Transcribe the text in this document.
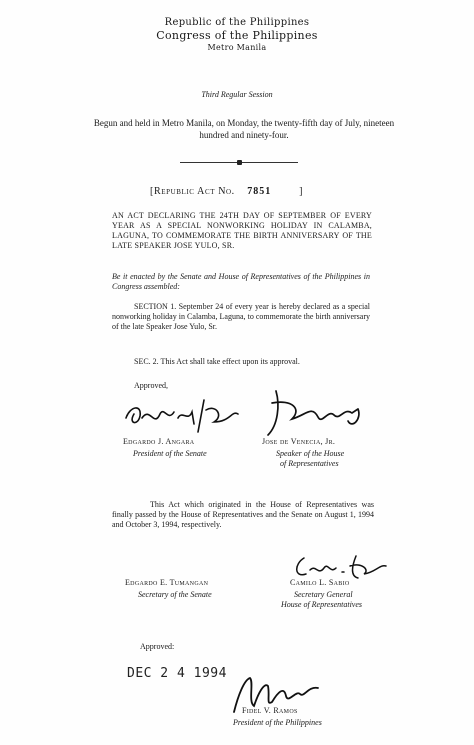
Republic of the Philippines
Congress of the Philippines
Metro Manila
Third Regular Session
Begun and held in Metro Manila, on Monday, the twenty-fifth day of July, nineteen hundred and ninety-four.
[Republic Act No. 7851	]
AN ACT DECLARING THE 24TH DAY OF SEPTEMBER OF EVERY YEAR AS A SPECIAL NONWORKING HOLIDAY IN CALAMBA, LAGUNA, TO COMMEMORATE THE BIRTH ANNIVERSARY OF THE LATE SPEAKER JOSE YULO, SR.
Be it enacted by the Senate and House of Representatives of the Philippines in Congress assembled:
SECTION 1. September 24 of every year is hereby declared as a special nonworking holiday in Calamba, Laguna, to commemorate the birth anniversary of the late Speaker Jose Yulo, Sr.
SEC. 2. This Act shall take effect upon its approval.
Approved,
Edgardo J. Angara
President of the Senate
Jose de Venecia, Jr.
Speaker of the House
of Representatives
This Act which originated in the House of Representatives was finally passed by the House of Representatives and the Senate on August 1, 1994 and October 3, 1994, respectively.
Edgardo E. Tumangan
Secretary of the Senate
Camilo L. Sabio
Secretary General
House of Representatives
Approved:
DEC 2 4 1994
Fidel V. Ramos
President of the Philippines
